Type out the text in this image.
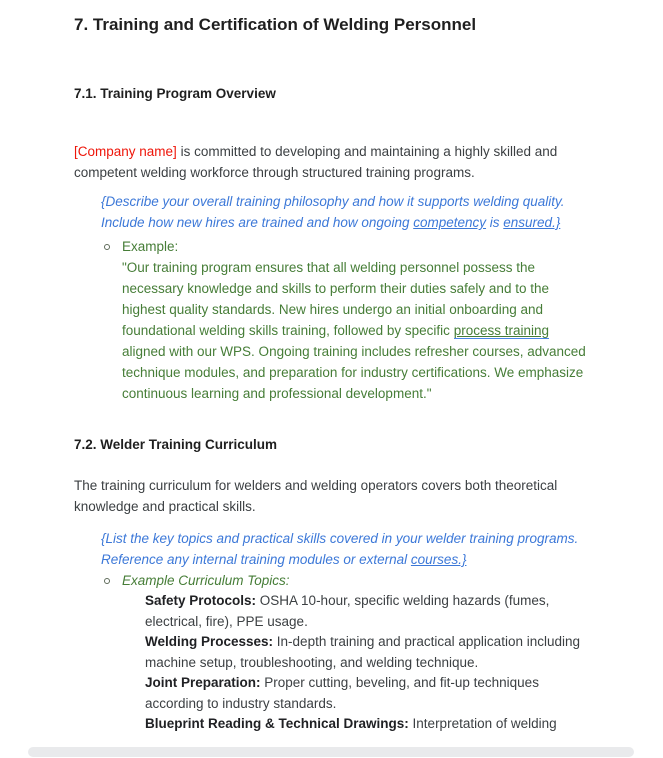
7. Training and Certification of Welding Personnel
7.1. Training Program Overview
[Company name] is committed to developing and maintaining a highly skilled and
competent welding workforce through structured training programs.
{Describe your overall training philosophy and how it supports welding quality.
Include how new hires are trained and how ongoing competency is ensured.}
Example:
"Our training program ensures that all welding personnel possess the
necessary knowledge and skills to perform their duties safely and to the
highest quality standards. New hires undergo an initial onboarding and
foundational welding skills training, followed by specific process training
aligned with our WPS. Ongoing training includes refresher courses, advanced
technique modules, and preparation for industry certifications. We emphasize
continuous learning and professional development."
7.2. Welder Training Curriculum
The training curriculum for welders and welding operators covers both theoretical
knowledge and practical skills.
{List the key topics and practical skills covered in your welder training programs.
Reference any internal training modules or external courses.}
Example Curriculum Topics:
Safety Protocols: OSHA 10-hour, specific welding hazards (fumes,
electrical, fire), PPE usage.
Welding Processes: In-depth training and practical application including
machine setup, troubleshooting, and welding technique.
Joint Preparation: Proper cutting, beveling, and fit-up techniques
according to industry standards.
Blueprint Reading & Technical Drawings: Interpretation of welding
